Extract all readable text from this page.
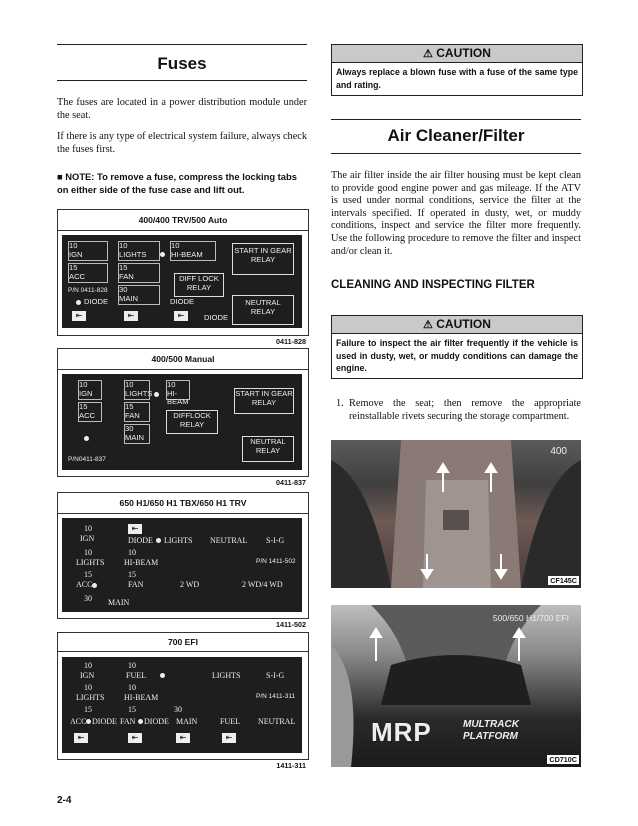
Fuses

The fuses are located in a power distribution module under the seat.

If there is any type of electrical system failure, always check the fuses first.

■ NOTE: To remove a fuse, compress the locking tabs on either side of the fuse case and lift out.

400/400 TRV/500 Auto
10
IGN
10
LIGHTS
10
HI-BEAM	START IN GEAR RELAY
15
ACC
15
FAN	DIFF LOCK RELAY
P/N 0411-828 30
MAIN
DIODE	DIODE
DIODE
NEUTRAL RELAY
⇤	⇤	⇤
0411-828
400/500 Manual
10
IGN
10
LIGHTS
10
HI-BEAM
START IN GEAR RELAY
15
ACC
15
FAN	DIFFLOCK RELAY
30
MAIN	NEUTRAL RELAY
P/N0411-837
0411-837
650 H1/650 H1 TBX/650 H1 TRV
10
IGN
⇤
DIODE LIGHTS NEUTRAL S-I-G
10
LIGHTS
10
HI-BEAM	P/N 1411-502
15
ACC
15
FAN	2 WD	2 WD/4 WD
30 MAIN
1411-502
700 EFI
10
IGN
10
FUEL	LIGHTS	S-I-G
10
LIGHTS
10
HI-BEAM	P/N 1411-311
15	15	30
ACC DIODE FAN DIODE MAIN	FUEL NEUTRAL
⇤	⇤	⇤	⇤
1411-311
2-4
⚠ CAUTION
Always replace a blown fuse with a fuse of the same type and rating.
Air Cleaner/Filter

The air filter inside the air filter housing must be kept clean to provide good engine power and gas mileage. If the ATV is used under normal conditions, service the filter at the intervals specified. If operated in dusty, wet, or muddy conditions, inspect and service the filter more frequently. Use the following procedure to remove the filter and inspect and/or clean it.

CLEANING AND INSPECTING FILTER
⚠ CAUTION
Failure to inspect the air filter frequently if the vehicle is used in dusty, wet, or muddy conditions can damage the engine.
1. Remove the seat; then remove the appropriate reinstallable rivets securing the storage compartment.

400
CF145C
500/650 H1/700 EFI
MRP	MULTRACK
PLATFORM
CD710C
